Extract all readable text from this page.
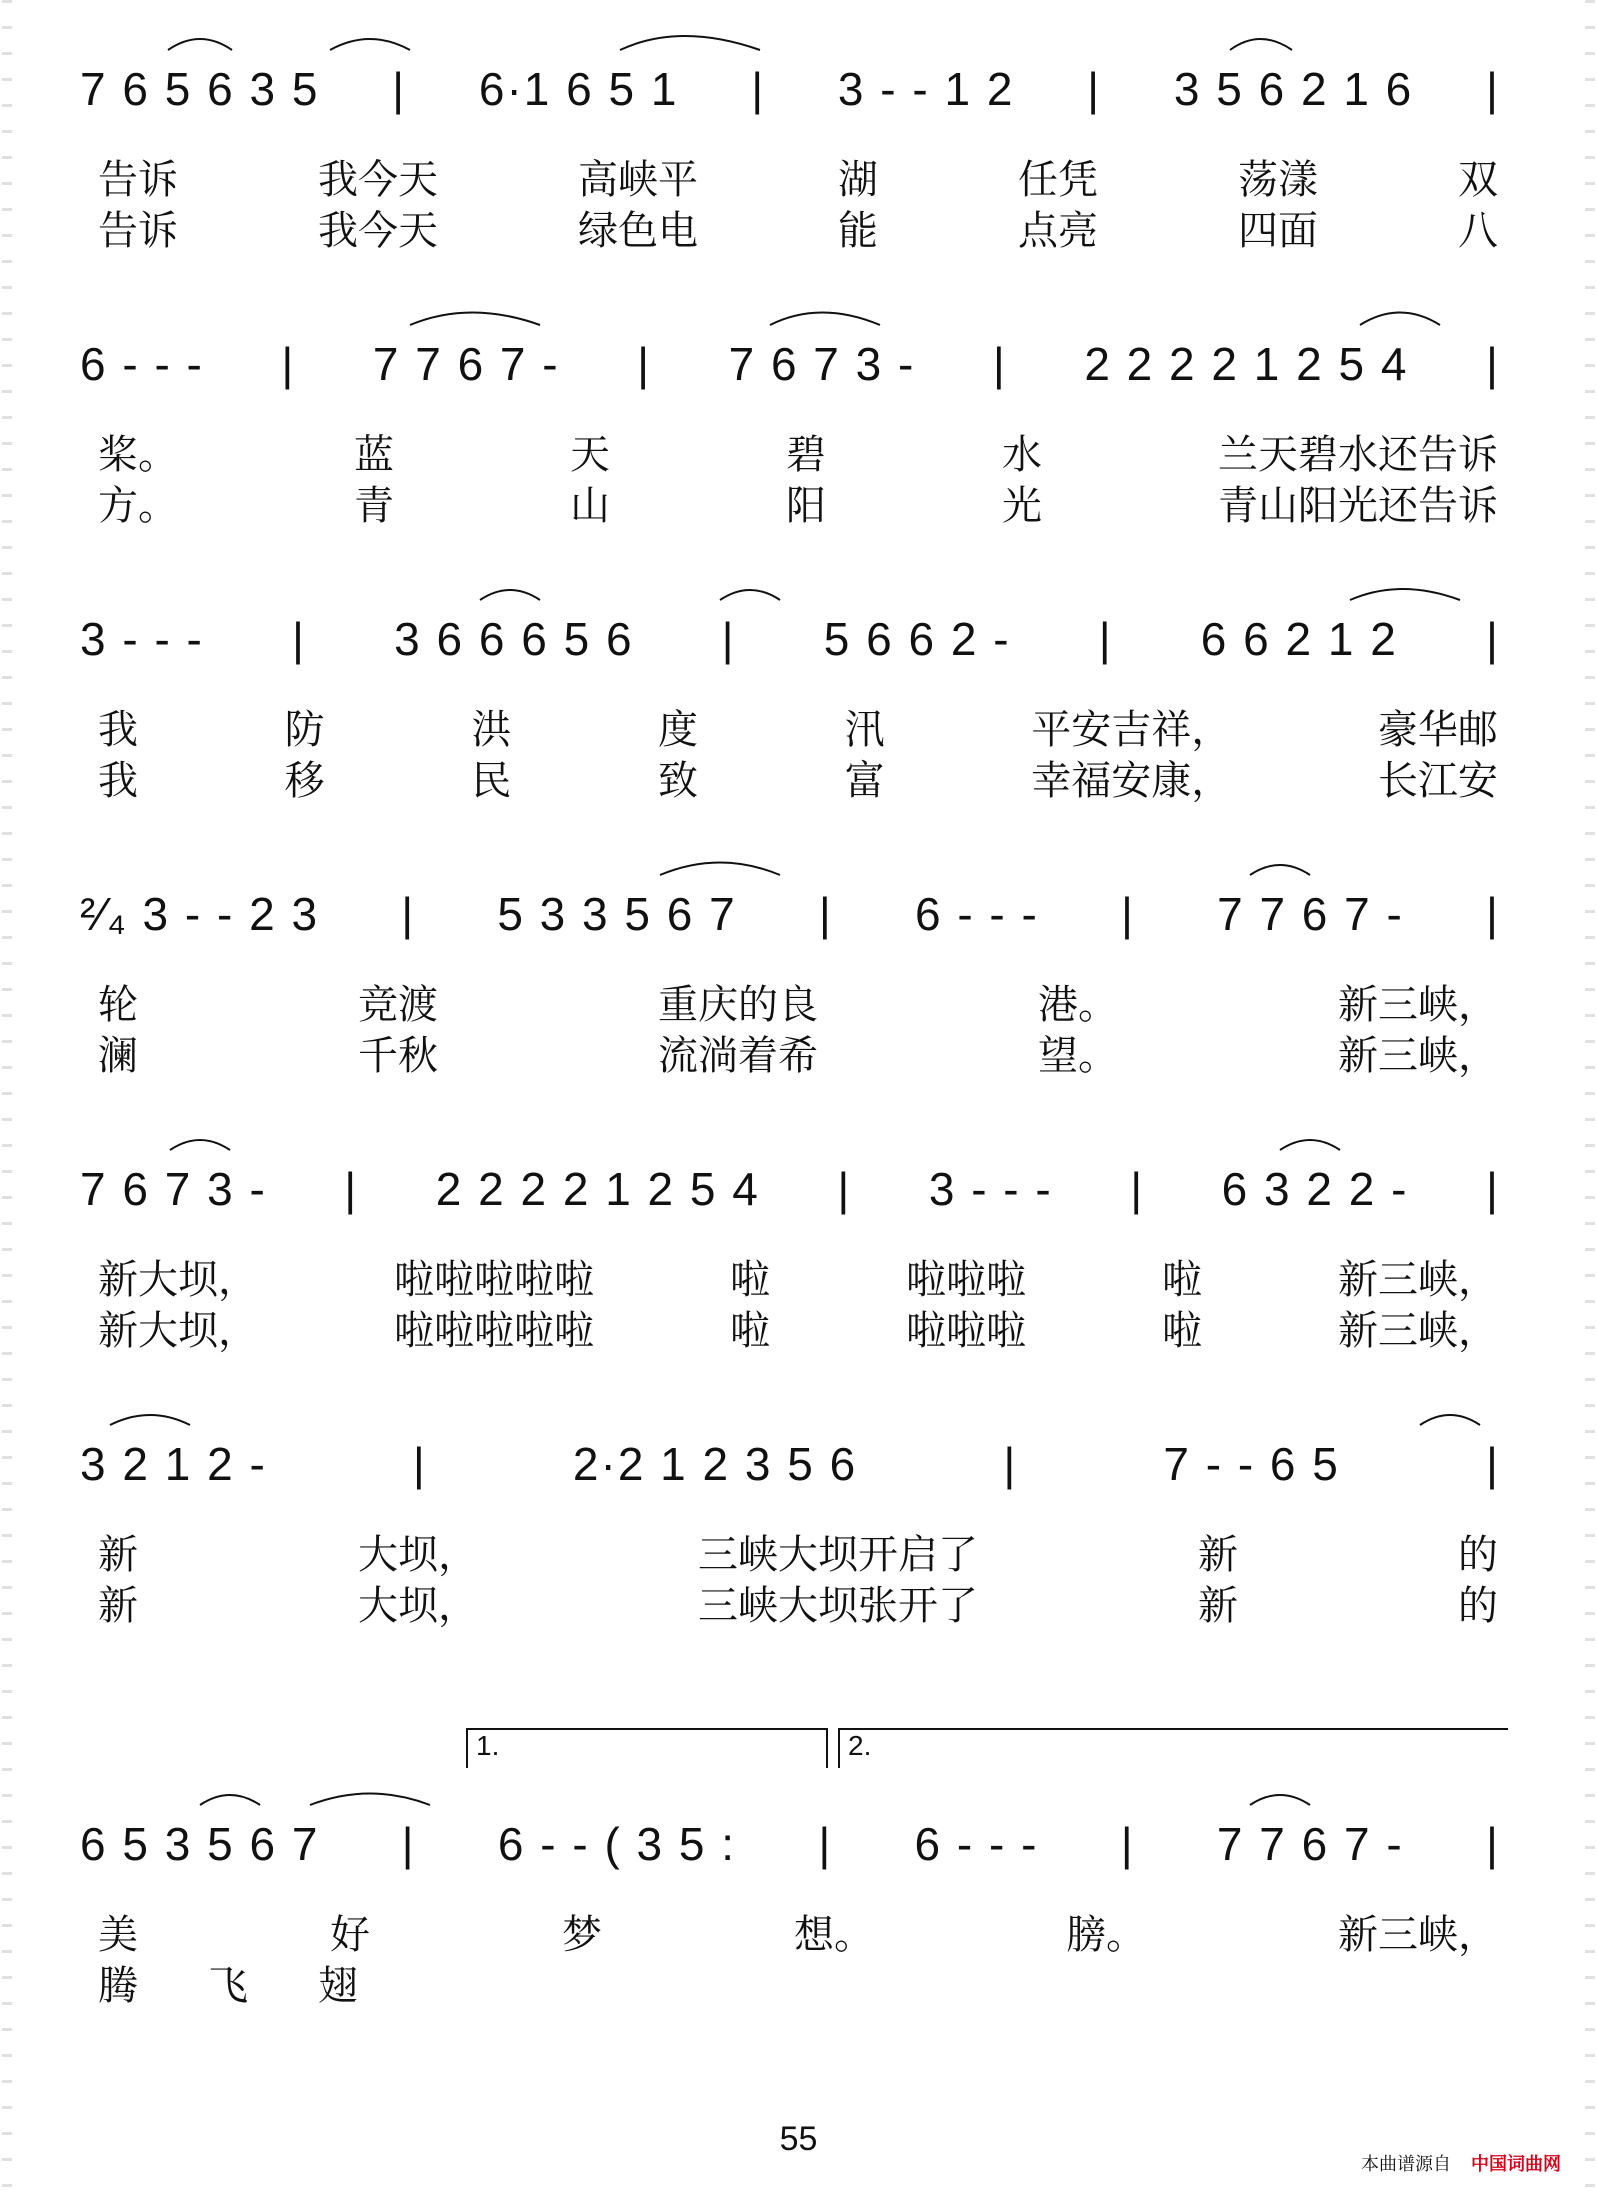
7 6 5 6 3 5 | 6·1 6 5 1 | 3 - - 1 2 | 3 5 6 2 1 6 |
告诉	我今天	高峡平	湖	任凭	荡漾	双
告诉	我今天	绿色电	能	点亮	四面	八
6 - - - | 7 7 6 7 - | 7 6 7 3 - | 2 2 2 2 1 2 5 4 |
桨。	蓝	天	碧	水	兰天碧水还告诉
方。	青	山	阳	光	青山阳光还告诉
3 - - - | 3 6 6 6 5 6 | 5 6 6 2 - | 6 6 2 1 2 |
我	防	洪	度	汛	平安吉祥，	豪华邮
我	移	民	致	富	幸福安康，	长江安
²⁄₄ 3 - - 2 3 | 5 3 3 5 6 7 | 6 - - - | 7 7 6 7 - |
轮	竞渡	重庆的良	港。	新三峡，
澜	千秋	流淌着希	望。	新三峡，
7 6 7 3 - | 2 2 2 2 1 2 5 4 | 3 - - - | 6 3 2 2 - |
新大坝，	啦啦啦啦啦	啦	啦啦啦	啦	新三峡，
新大坝，	啦啦啦啦啦	啦	啦啦啦	啦	新三峡，
3 2 1 2 -	|	2·2 1 2 3 5 6	|	7 - - 6 5	|
新	大坝，	三峡大坝开启了	新	的
新	大坝，	三峡大坝张开了	新	的
1.	2.
6 5 3 5 6 7 | 6 - - ( 3 5 : | 6 - - - | 7 7 6 7 - |
美	好	梦	想。	膀。	新三峡，
腾 飞 翅
55
本曲谱源自 中国词曲网
